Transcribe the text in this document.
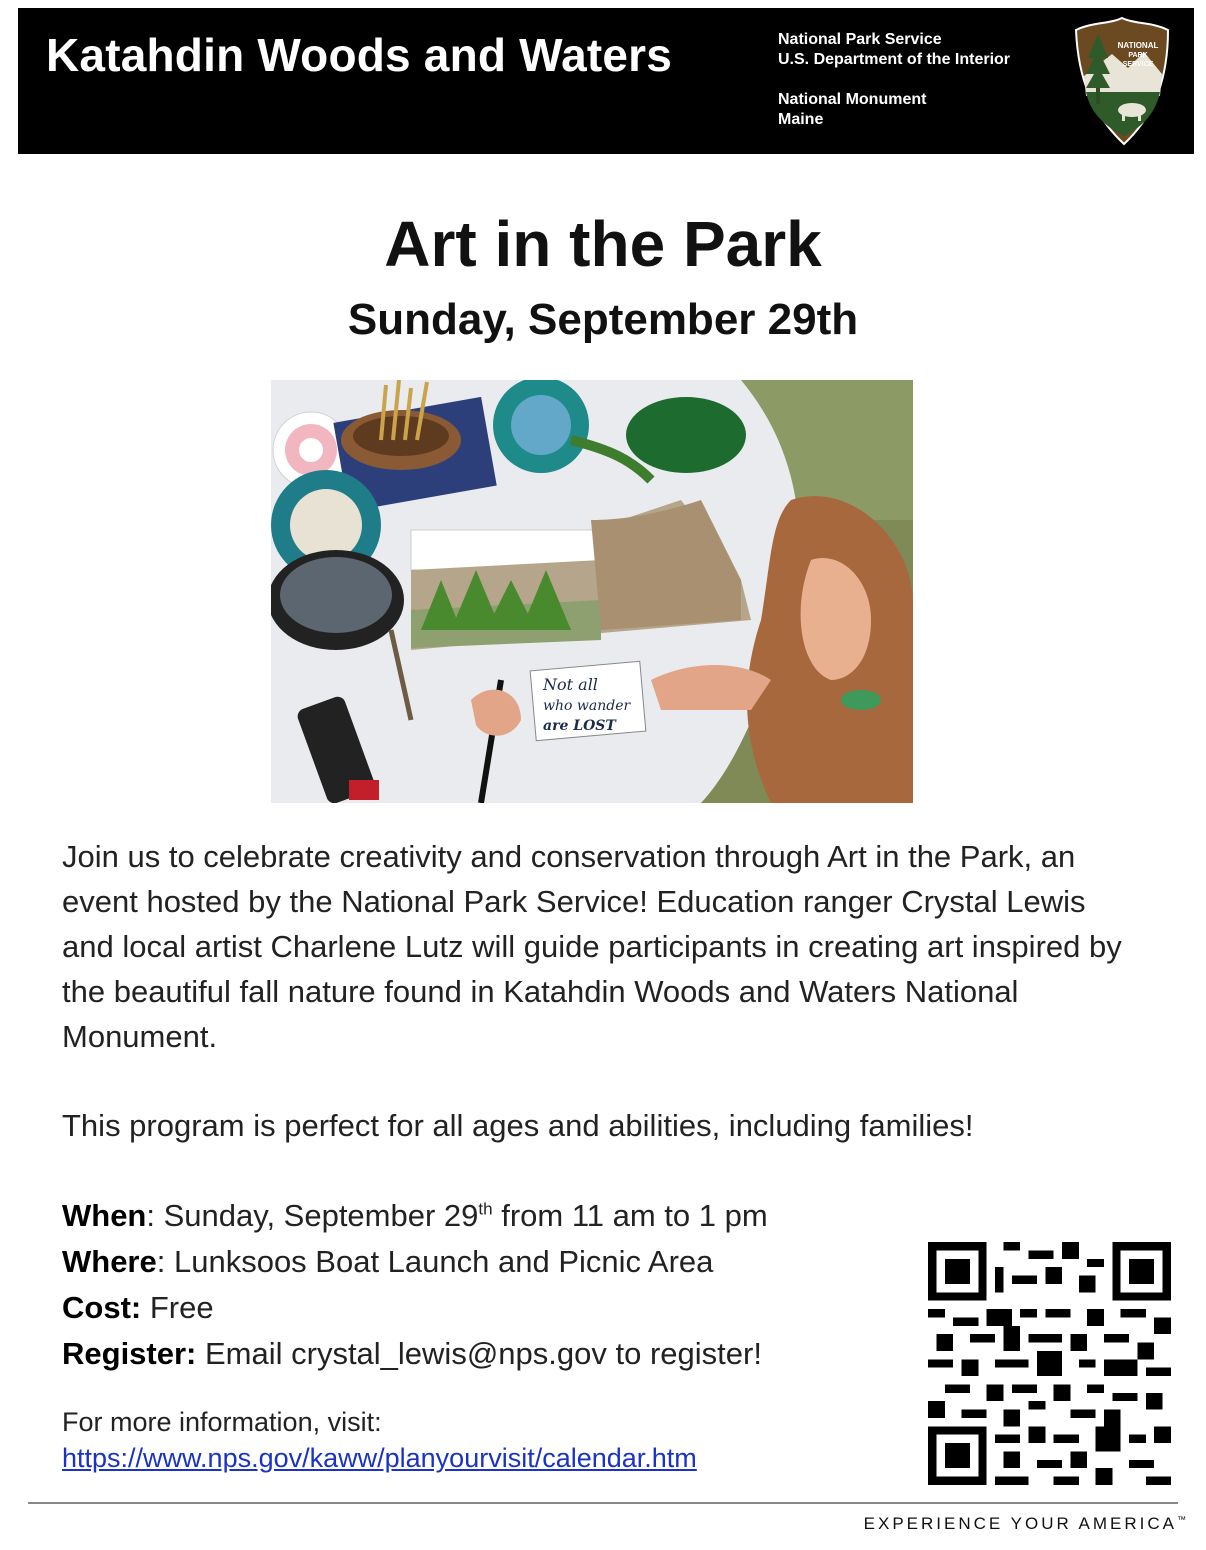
Katahdin Woods and Waters	National Park Service
U.S. Department of the Interior
National Monument
Maine
NATIONAL
PARK
SERVICE
Art in the Park
Sunday, September 29th
Not all
who wander
are LOST
Join us to celebrate creativity and conservation through Art in the Park, an event hosted by the National Park Service! Education ranger Crystal Lewis and local artist Charlene Lutz will guide participants in creating art inspired by the beautiful fall nature found in Katahdin Woods and Waters National Monument.
This program is perfect for all ages and abilities, including families!
When: Sunday, September 29th from 11 am to 1 pm
Where: Lunksoos Boat Launch and Picnic Area
Cost: Free
Register: Email crystal_lewis@nps.gov to register!
For more information, visit:
https://www.nps.gov/kaww/planyourvisit/calendar.htm
EXPERIENCE YOUR AMERICA™
